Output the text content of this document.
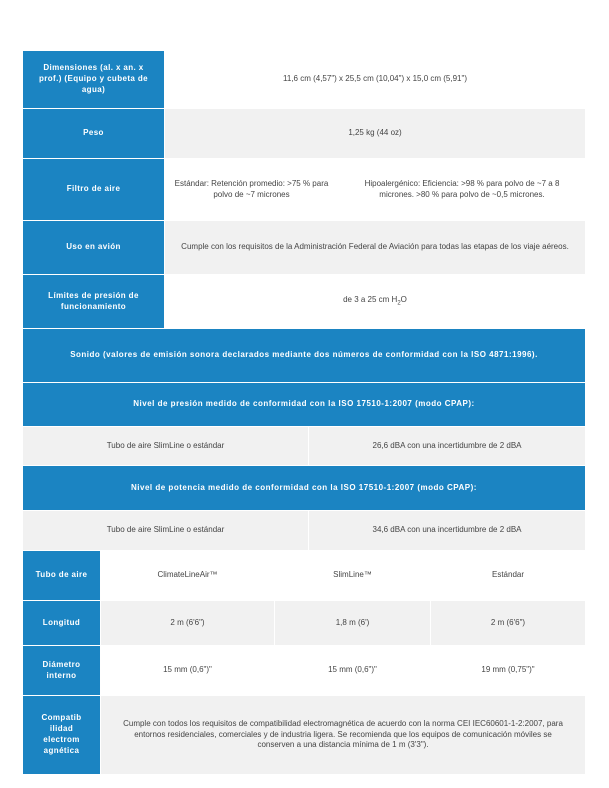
Dimensiones (al. x an. x prof.) (Equipo y cubeta de agua)	11,6 cm (4,57") x 25,5 cm (10,04") x 15,0 cm (5,91")	
Peso	1,25 kg (44 oz)	
Filtro de aire	Estándar: Retención promedio: >75 % para polvo de ~7 micrones	Hipoalergénico: Eficiencia: >98 % para polvo de ~7 a 8 micrones. >80 % para polvo de ~0,5 micrones.
Uso en avión	Cumple con los requisitos de la Administración Federal de Aviación para todas las etapas de los viaje aéreos.	
Límites de presión de funcionamiento	de 3 a 25 cm $H_2O$	
Sonido (valores de emisión sonora declarados mediante dos números de conformidad con la ISO 4871:1996).	
Nivel de presión medido de conformidad con la ISO 17510-1:2007 (modo CPAP):	
Tubo de aire SlimLine o estándar	26,6 dBA con una incertidumbre de 2 dBA
Nivel de potencia medido de conformidad con la ISO 17510-1:2007 (modo CPAP):	
Tubo de aire SlimLine o estándar	34,6 dBA con una incertidumbre de 2 dBA
Tubo de aire	ClimateLineAir™	SlimLine™	Estándar
Longitud	2 m (6'6")	1,8 m (6')	2 m (6'6")
Diámetro interno	15 mm (0,6")"	15 mm (0,6")"	19 mm (0,75")"
Compatib ilidad electrom agnética	Cumple con todos los requisitos de compatibilidad electromagnética de acuerdo con la norma CEI IEC60601-1-2:2007, para entornos residenciales, comerciales y de industria ligera. Se recomienda que los equipos de comunicación móviles se conserven a una distancia mínima de 1 m (3'3").		
